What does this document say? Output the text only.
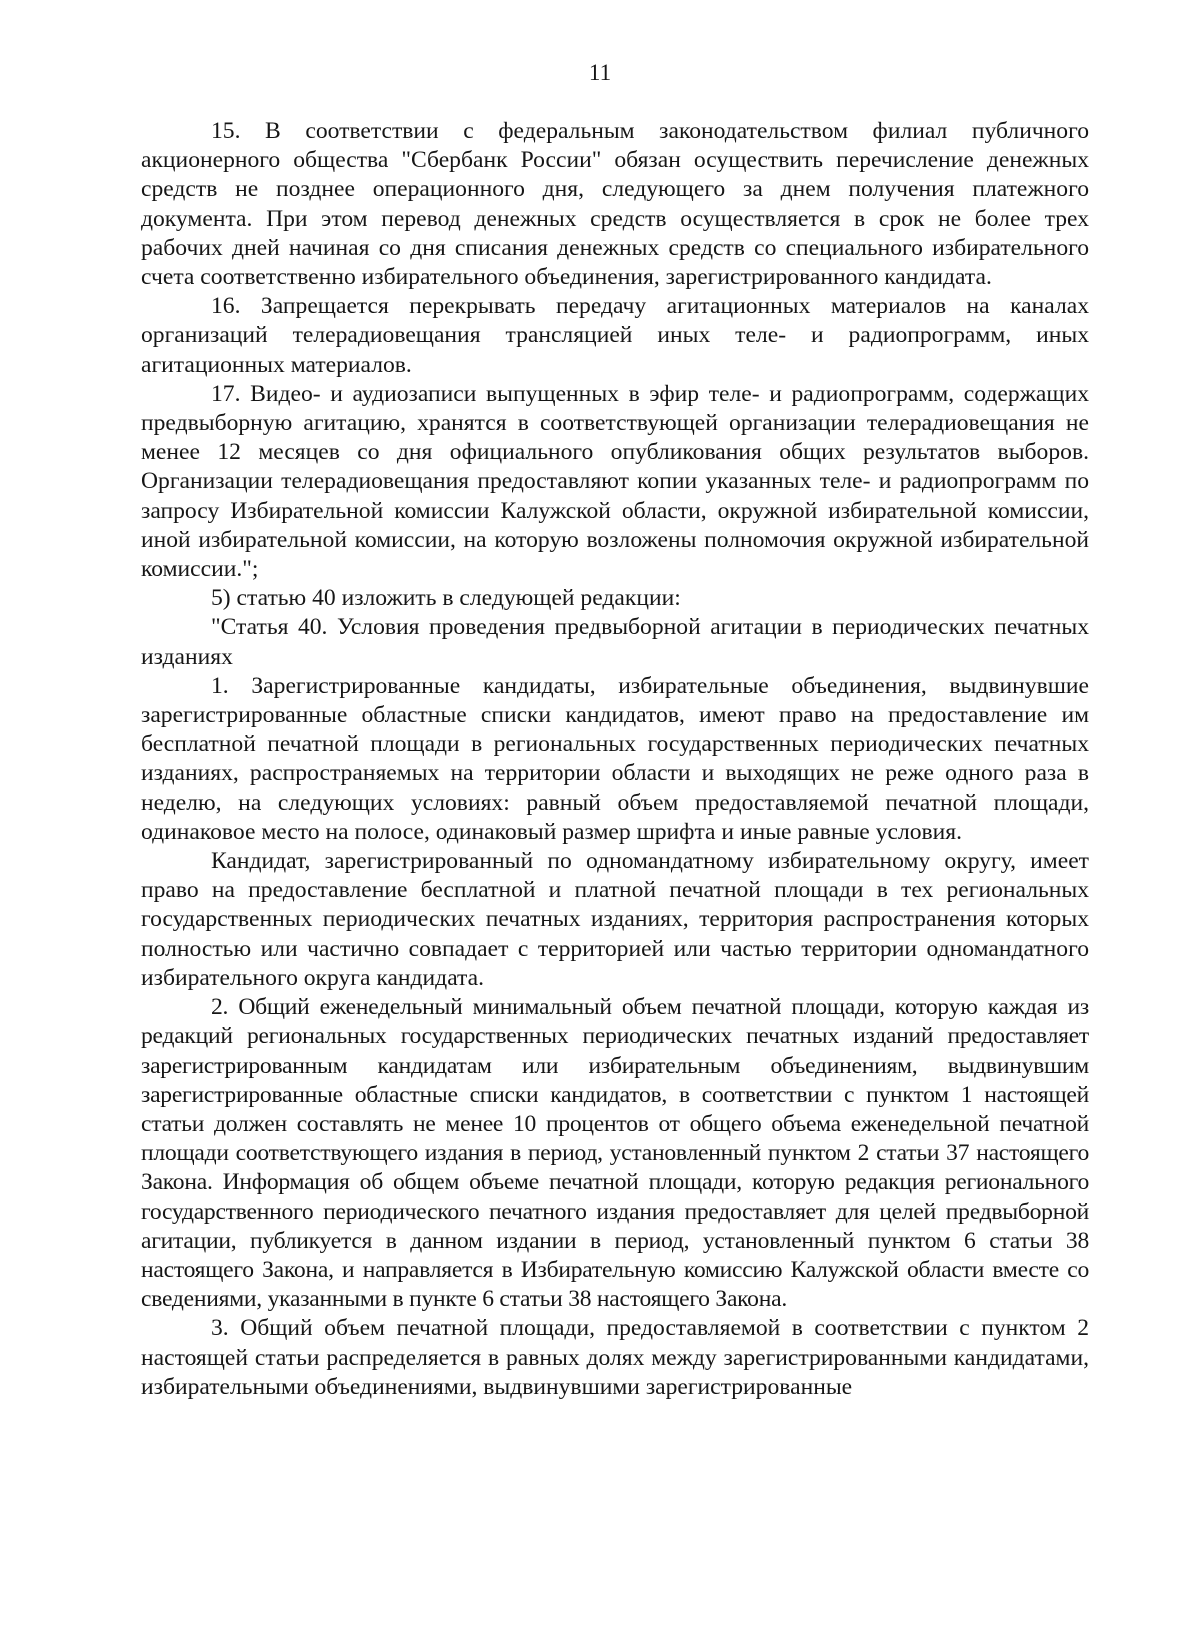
11

15. В соответствии с федеральным законодательством филиал публичного акционерного общества "Сбербанк России" обязан осуществить перечисление денежных средств не позднее операционного дня, следующего за днем получения платежного документа. При этом перевод денежных средств осуществляется в срок не более трех рабочих дней начиная со дня списания денежных средств со специального избирательного счета соответственно избирательного объединения, зарегистрированного кандидата.

16. Запрещается перекрывать передачу агитационных материалов на каналах организаций телерадиовещания трансляцией иных теле- и радиопрограмм, иных агитационных материалов.

17. Видео- и аудиозаписи выпущенных в эфир теле- и радиопрограмм, содержащих предвыборную агитацию, хранятся в соответствующей организации телерадиовещания не менее 12 месяцев со дня официального опубликования общих результатов выборов. Организации телерадиовещания предоставляют копии указанных теле- и радиопрограмм по запросу Избирательной комиссии Калужской области, окружной избирательной комиссии, иной избирательной комиссии, на которую возложены полномочия окружной избирательной комиссии.";

5) статью 40 изложить в следующей редакции:

"Статья 40. Условия проведения предвыборной агитации в периодических печатных изданиях

1. Зарегистрированные кандидаты, избирательные объединения, выдвинувшие зарегистрированные областные списки кандидатов, имеют право на предоставление им бесплатной печатной площади в региональных государственных периодических печатных изданиях, распространяемых на территории области и выходящих не реже одного раза в неделю, на следующих условиях: равный объем предоставляемой печатной площади, одинаковое место на полосе, одинаковый размер шрифта и иные равные условия.

Кандидат, зарегистрированный по одномандатному избирательному округу, имеет право на предоставление бесплатной и платной печатной площади в тех региональных государственных периодических печатных изданиях, территория распространения которых полностью или частично совпадает с территорией или частью территории одномандатного избирательного округа кандидата.

2. Общий еженедельный минимальный объем печатной площади, которую каждая из редакций региональных государственных периодических печатных изданий предоставляет зарегистрированным кандидатам или избирательным объединениям, выдвинувшим зарегистрированные областные списки кандидатов, в соответствии с пунктом 1 настоящей статьи должен составлять не менее 10 процентов от общего объема еженедельной печатной площади соответствующего издания в период, установленный пунктом 2 статьи 37 настоящего Закона. Информация об общем объеме печатной площади, которую редакция регионального государственного периодического печатного издания предоставляет для целей предвыборной агитации, публикуется в данном издании в период, установленный пунктом 6 статьи 38 настоящего Закона, и направляется в Избирательную комиссию Калужской области вместе со сведениями, указанными в пункте 6 статьи 38 настоящего Закона.

3. Общий объем печатной площади, предоставляемой в соответствии с пунктом 2 настоящей статьи распределяется в равных долях между зарегистрированными кандидатами, избирательными объединениями, выдвинувшими зарегистрированные
